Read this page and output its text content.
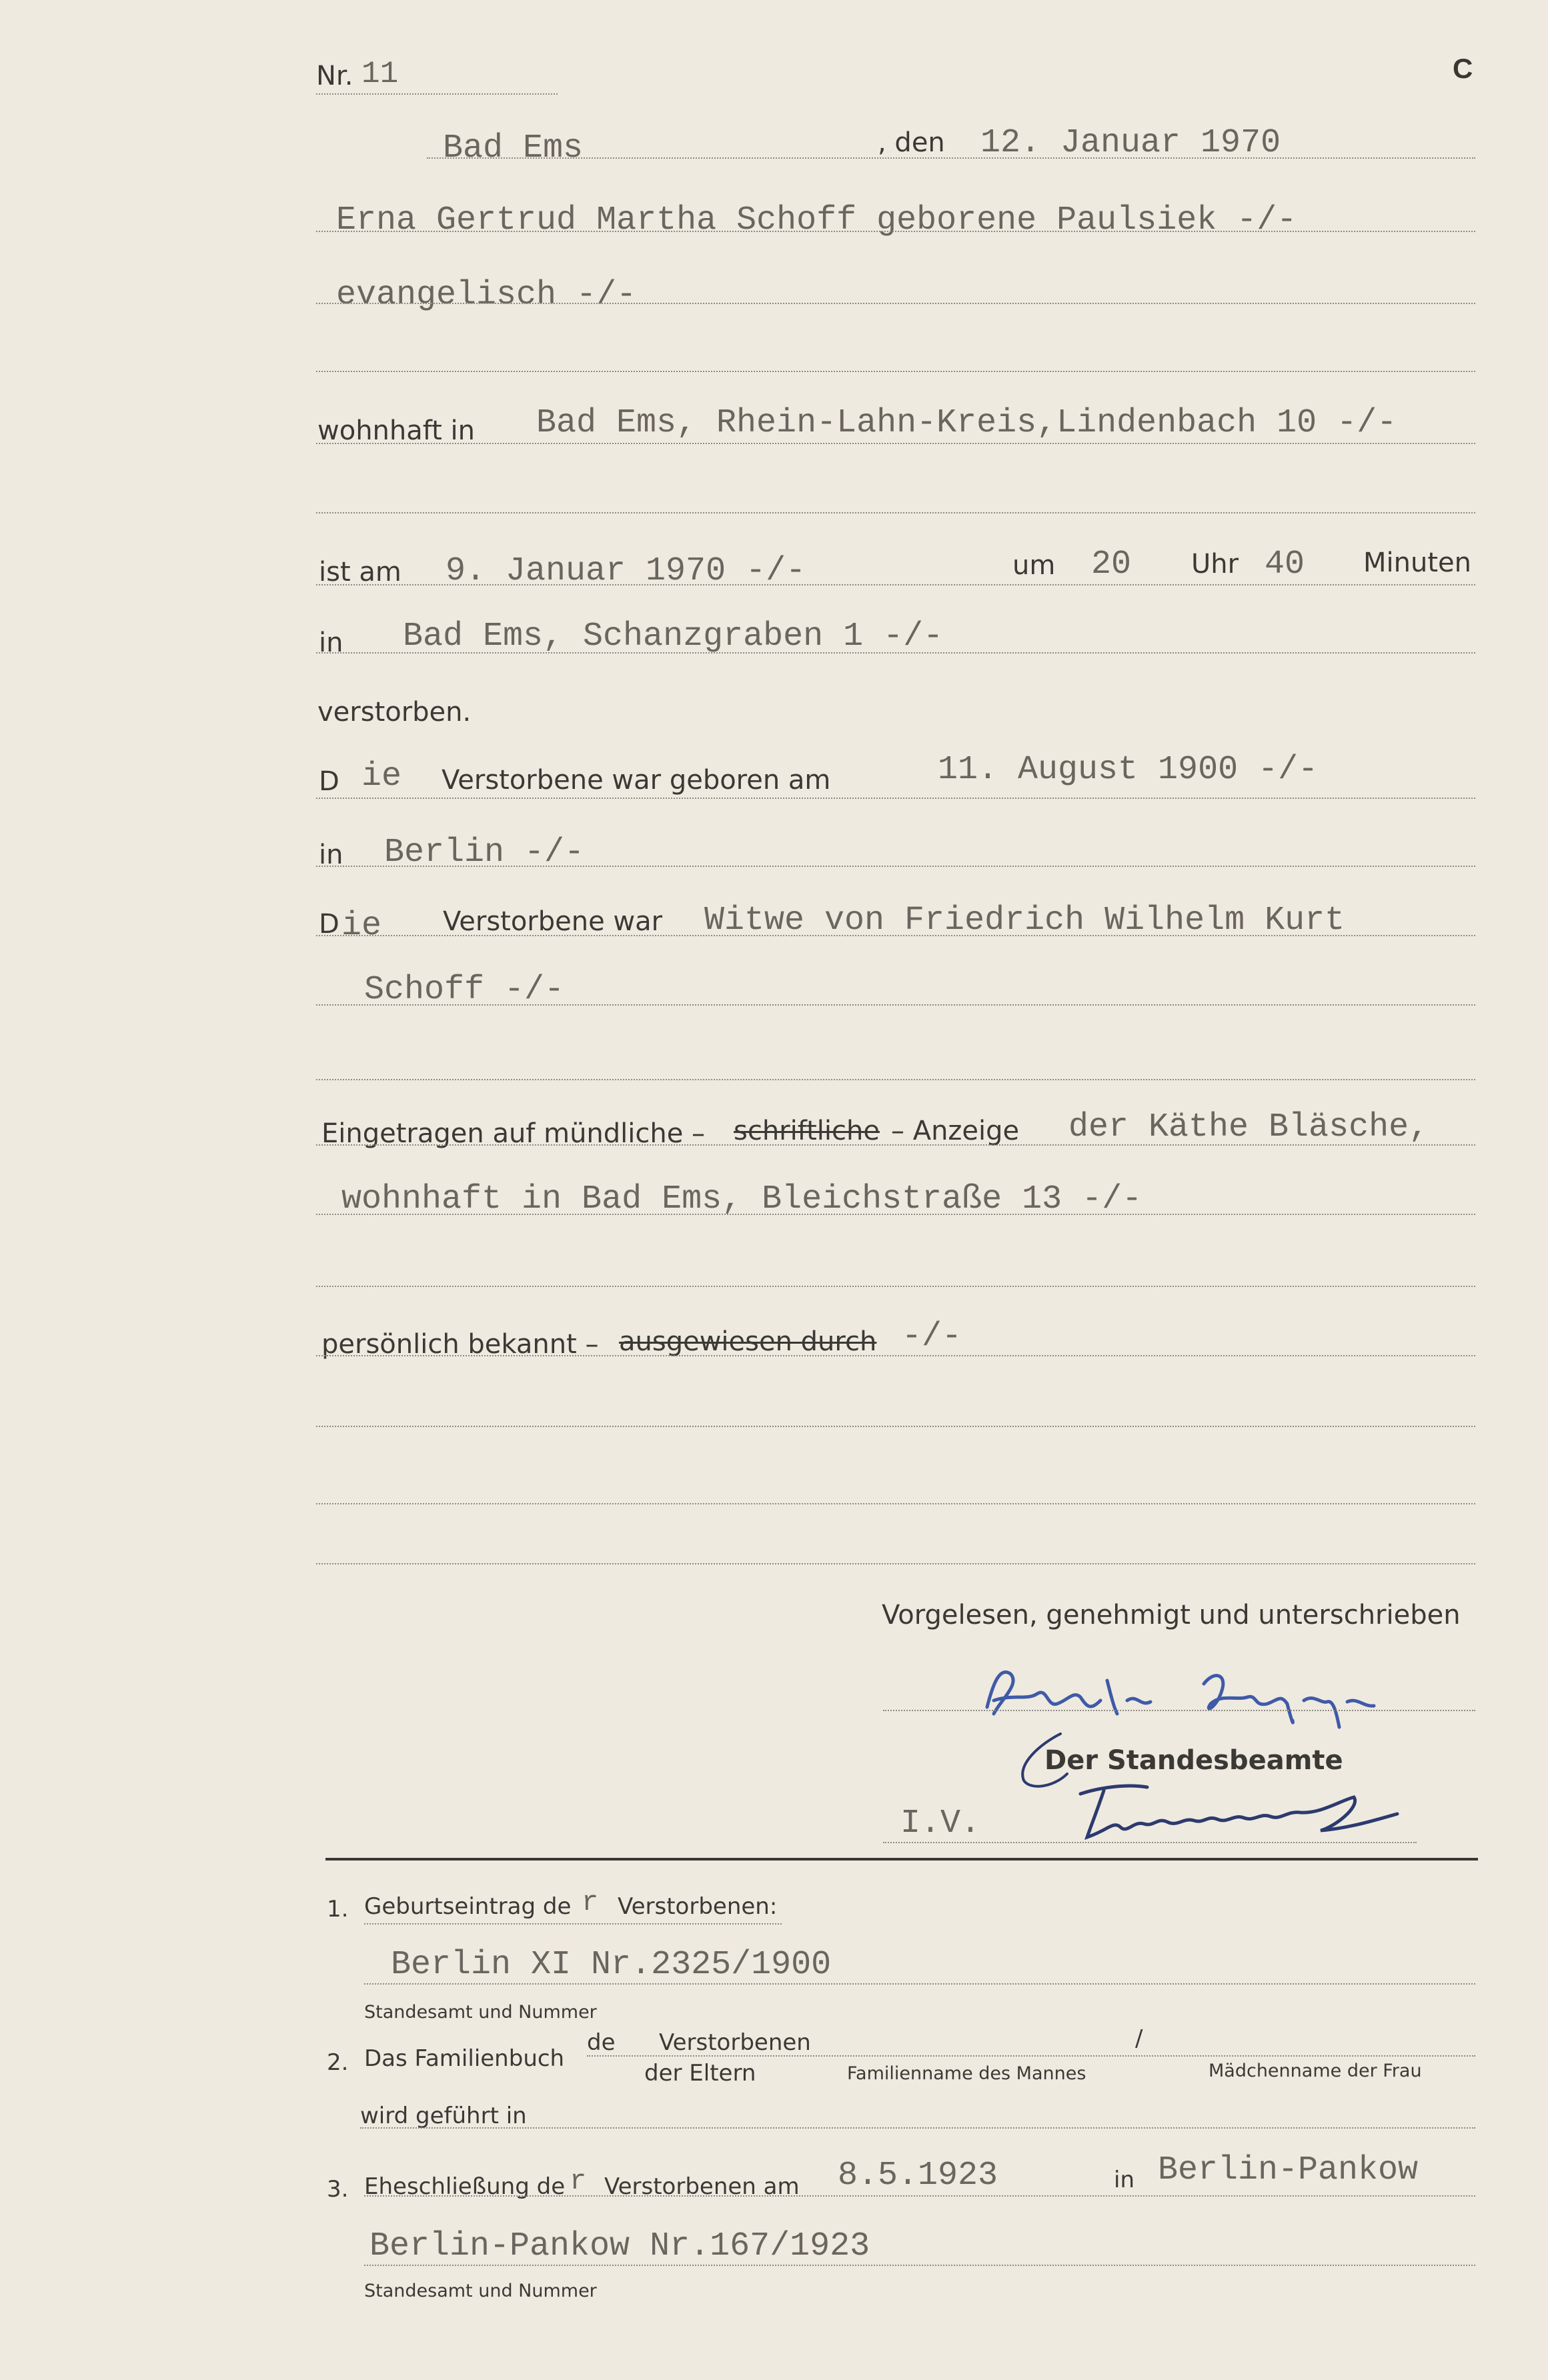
Nr. 11	C
Bad Ems	, den 12. Januar 1970
Erna Gertrud Martha Schoff geborene Paulsiek -/-
evangelisch -/-
wohnhaft in Bad Ems, Rhein-Lahn-Kreis,Lindenbach 10 -/-
ist am 9. Januar 1970 -/-	um 20 Uhr 40 Minuten
in Bad Ems, Schanzgraben 1 -/-
verstorben.
D ie Verstorbene war geboren am	11. August 1900 -/-
in Berlin -/-
D ie Verstorbene war Witwe von Friedrich Wilhelm Kurt
Schoff -/-
Eingetragen auf mündliche – schriftliche – Anzeige der Käthe Bläsche,
wohnhaft in Bad Ems, Bleichstraße 13 -/-
persönlich bekannt – ausgewiesen durch -/-
Vorgelesen, genehmigt und unterschrieben
Der Standesbeamte
I.V.
1. Geburtseintrag de r Verstorbenen:
Berlin XI Nr.2325/1900
Standesamt und Nummer
2. Das Familienbuch
de Verstorbenen
der Eltern
/
Familienname des Mannes	Mädchenname der Frau
wird geführt in
3. Eheschließung de r Verstorbenen am 8.5.1923	in Berlin-Pankow
Berlin-Pankow Nr.167/1923
Standesamt und Nummer
